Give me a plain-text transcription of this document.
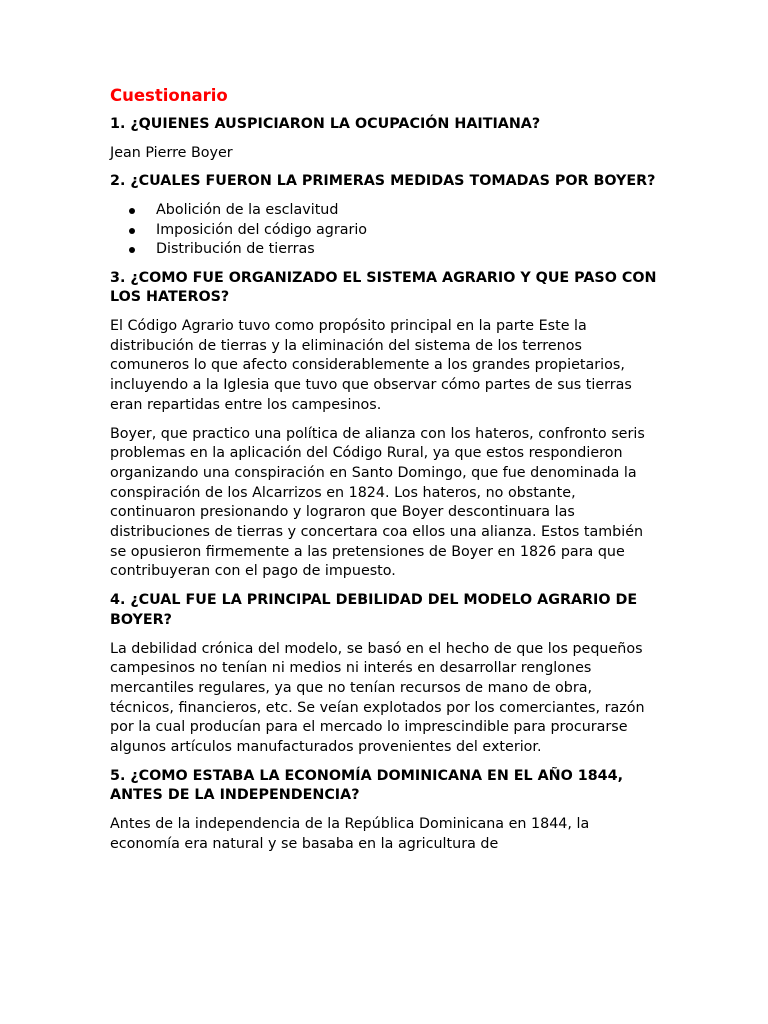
Cuestionario
1. ¿QUIENES AUSPICIARON LA OCUPACIÓN HAITIANA?
Jean Pierre Boyer
2. ¿CUALES FUERON LA PRIMERAS MEDIDAS TOMADAS POR BOYER?
Abolición de la esclavitud
Imposición del código agrario
Distribución de tierras
3. ¿COMO FUE ORGANIZADO EL SISTEMA AGRARIO Y QUE PASO CON LOS HATEROS?
El Código Agrario tuvo como propósito principal en la parte Este la distribución de tierras y la eliminación del sistema de los terrenos comuneros lo que afecto considerablemente a los grandes propietarios, incluyendo a la Iglesia que tuvo que observar cómo partes de sus tierras eran repartidas entre los campesinos.
Boyer, que practico una política de alianza con los hateros, confronto seris problemas en la aplicación del Código Rural, ya que estos respondieron organizando una conspiración en Santo Domingo, que fue denominada la conspiración de los Alcarrizos en 1824. Los hateros, no obstante, continuaron presionando y lograron que Boyer descontinuara las distribuciones de tierras y concertara coa ellos una alianza. Estos también se opusieron firmemente a las pretensiones de Boyer en 1826 para que contribuyeran con el pago de impuesto.
4. ¿CUAL FUE LA PRINCIPAL DEBILIDAD DEL MODELO AGRARIO DE BOYER?
La debilidad crónica del modelo, se basó en el hecho de que los pequeños campesinos no tenían ni medios ni interés en desarrollar renglones mercantiles regulares, ya que no tenían recursos de mano de obra, técnicos, financieros, etc. Se veían explotados por los comerciantes, razón por la cual producían para el mercado lo imprescindible para procurarse algunos artículos manufacturados provenientes del exterior.
5. ¿COMO ESTABA LA ECONOMÍA DOMINICANA EN EL AÑO 1844, ANTES DE LA INDEPENDENCIA?
Antes de la independencia de la República Dominicana en 1844, la economía era natural y se basaba en la agricultura de
